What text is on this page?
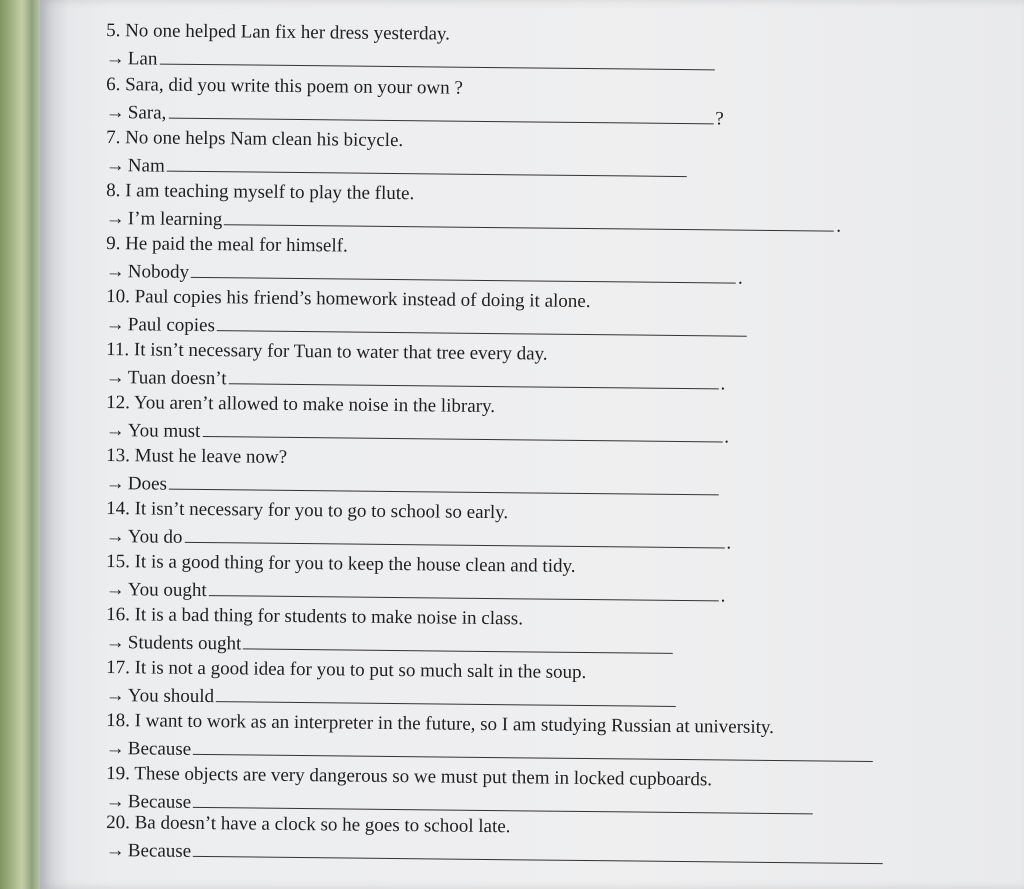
5. No one helped Lan fix her dress yesterday.
→ Lan
6. Sara, did you write this poem on your own ?
→ Sara,	?
7. No one helps Nam clean his bicycle.
→ Nam
8. I am teaching myself to play the flute.
→ I’m learning	.
9. He paid the meal for himself.
→ Nobody	.
10. Paul copies his friend’s homework instead of doing it alone.
→ Paul copies
11. It isn’t necessary for Tuan to water that tree every day.
→ Tuan doesn’t	.
12. You aren’t allowed to make noise in the library.
→ You must	.
13. Must he leave now?
→ Does
14. It isn’t necessary for you to go to school so early.
→ You do	.
15. It is a good thing for you to keep the house clean and tidy.
→ You ought	.
16. It is a bad thing for students to make noise in class.
→ Students ought
17. It is not a good idea for you to put so much salt in the soup.
→ You should
18. I want to work as an interpreter in the future, so I am studying Russian at university.
→ Because
19. These objects are very dangerous so we must put them in locked cupboards.
→ Because
20. Ba doesn’t have a clock so he goes to school late.
→ Because
